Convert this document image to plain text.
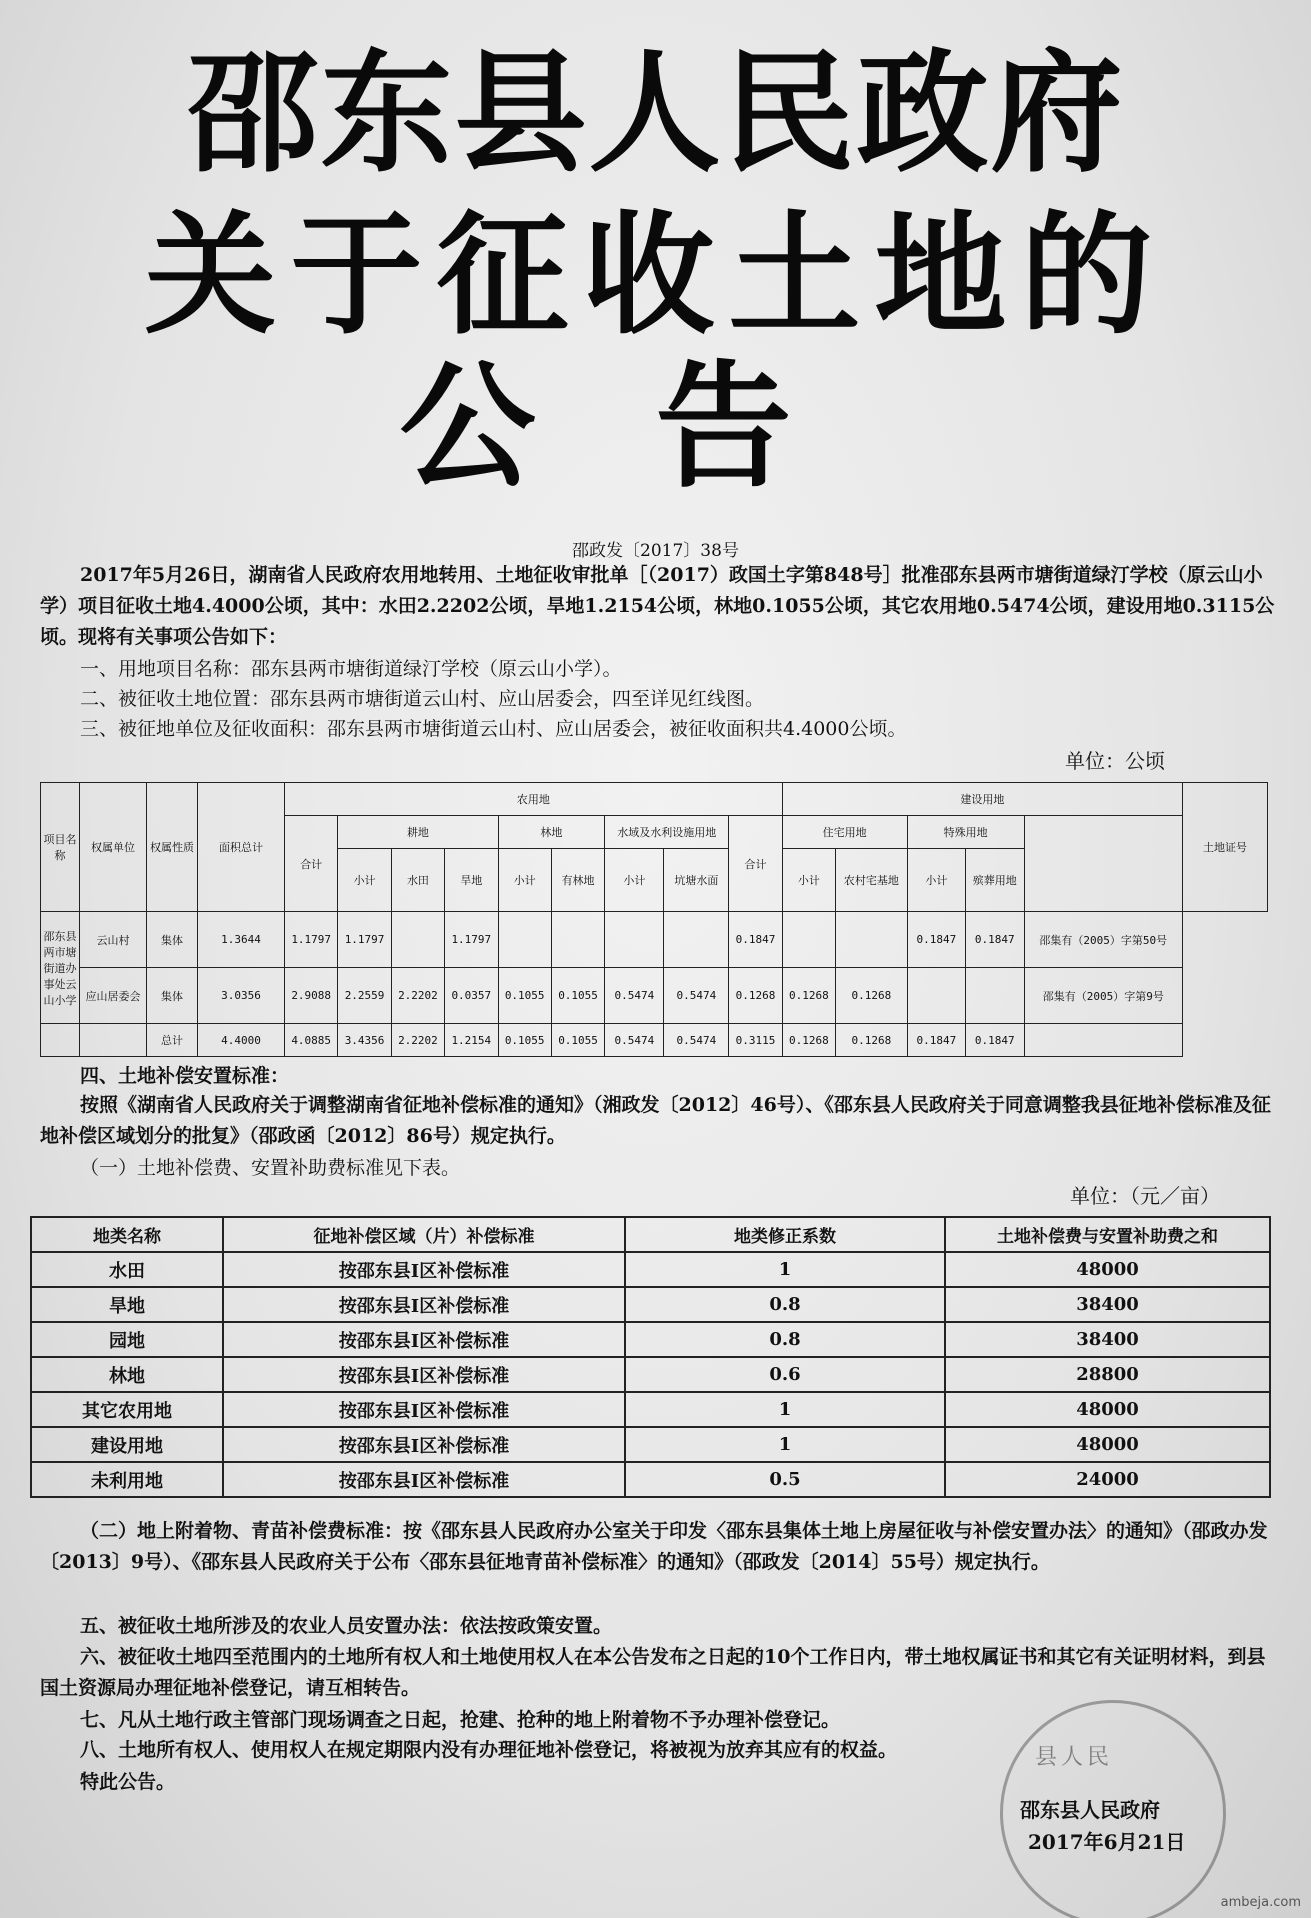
邵东县人民政府
关于征收土地的
公告
邵政发〔2017〕38号

2017年5月26日，湖南省人民政府农用地转用、土地征收审批单［（2017）政国土字第848号］批准邵东县两市塘街道绿汀学校（原云山小学）项目征收土地4.4000公顷，其中：水田2.2202公顷，旱地1.2154公顷，林地0.1055公顷，其它农用地0.5474公顷，建设用地0.3115公顷。现将有关事项公告如下：

一、用地项目名称：邵东县两市塘街道绿汀学校（原云山小学）。

二、被征收土地位置：邵东县两市塘街道云山村、应山居委会，四至详见红线图。

三、被征地单位及征收面积：邵东县两市塘街道云山村、应山居委会，被征收面积共4.4000公顷。

单位：公顷
项目名称	权属单位	权属性质	面积总计	农用地									建设用地					土地证号
				合计	耕地			林地		水域及水利设施用地		合计	住宅用地		特殊用地		
					小计	水田	旱地	小计	有林地	小计	坑塘水面		小计	农村宅基地	小计	殡葬用地		
邵东县两市塘街道办事处云山小学	云山村	集体	1.3644	1.1797	1.1797		1.1797					0.1847			0.1847	0.1847	邵集有（2005）字第50号	
	应山居委会	集体	3.0356	2.9088	2.2559	2.2202	0.0357	0.1055	0.1055	0.5474	0.5474	0.1268	0.1268	0.1268			邵集有（2005）字第9号	
		总计	4.4000	4.0885	3.4356	2.2202	1.2154	0.1055	0.1055	0.5474	0.5474	0.3115	0.1268	0.1268	0.1847	0.1847		

四、土地补偿安置标准：

按照《湖南省人民政府关于调整湖南省征地补偿标准的通知》（湘政发〔2012〕46号）、《邵东县人民政府关于同意调整我县征地补偿标准及征地补偿区域划分的批复》（邵政函〔2012〕86号）规定执行。

（一）土地补偿费、安置补助费标准见下表。

单位：（元／亩）
地类名称	征地补偿区域（片）补偿标准	地类修正系数	土地补偿费与安置补助费之和
水田	按邵东县Ⅰ区补偿标准	1	48000
旱地	按邵东县Ⅰ区补偿标准	0.8	38400
园地	按邵东县Ⅰ区补偿标准	0.8	38400
林地	按邵东县Ⅰ区补偿标准	0.6	28800
其它农用地	按邵东县Ⅰ区补偿标准	1	48000
建设用地	按邵东县Ⅰ区补偿标准	1	48000
未利用地	按邵东县Ⅰ区补偿标准	0.5	24000

（二）地上附着物、青苗补偿费标准：按《邵东县人民政府办公室关于印发〈邵东县集体土地上房屋征收与补偿安置办法〉的通知》（邵政办发〔2013〕9号）、《邵东县人民政府关于公布〈邵东县征地青苗补偿标准〉的通知》（邵政发〔2014〕55号）规定执行。

五、被征收土地所涉及的农业人员安置办法：依法按政策安置。

六、被征收土地四至范围内的土地所有权人和土地使用权人在本公告发布之日起的10个工作日内，带土地权属证书和其它有关证明材料，到县国土资源局办理征地补偿登记，请互相转告。

七、凡从土地行政主管部门现场调查之日起，抢建、抢种的地上附着物不予办理补偿登记。

八、土地所有权人、使用权人在规定期限内没有办理征地补偿登记，将被视为放弃其应有的权益。

特此公告。

县人民
邵东县人民政府
2017年6月21日
ambeja.com
